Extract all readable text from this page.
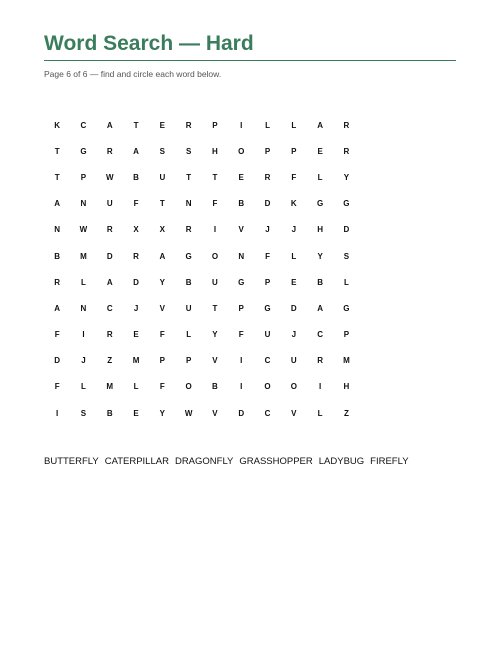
Word Search — Hard
Page 6 of 6 — find and circle each word below.
K	C	A	T	E	R	P	I	L	L	A	R
T	G	R	A	S	S	H	O	P	P	E	R
T	P	W	B	U	T	T	E	R	F	L	Y
A	N	U	F	T	N	F	B	D	K	G	G
N	W	R	X	X	R	I	V	J	J	H	D
B	M	D	R	A	G	O	N	F	L	Y	S
R	L	A	D	Y	B	U	G	P	E	B	L
A	N	C	J	V	U	T	P	G	D	A	G
F	I	R	E	F	L	Y	F	U	J	C	P
D	J	Z	M	P	P	V	I	C	U	R	M
F	L	M	L	F	O	B	I	O	O	I	H
I	S	B	E	Y	W	V	D	C	V	L	Z
BUTTERFLY CATERPILLAR DRAGONFLY GRASSHOPPER LADYBUG FIREFLY
